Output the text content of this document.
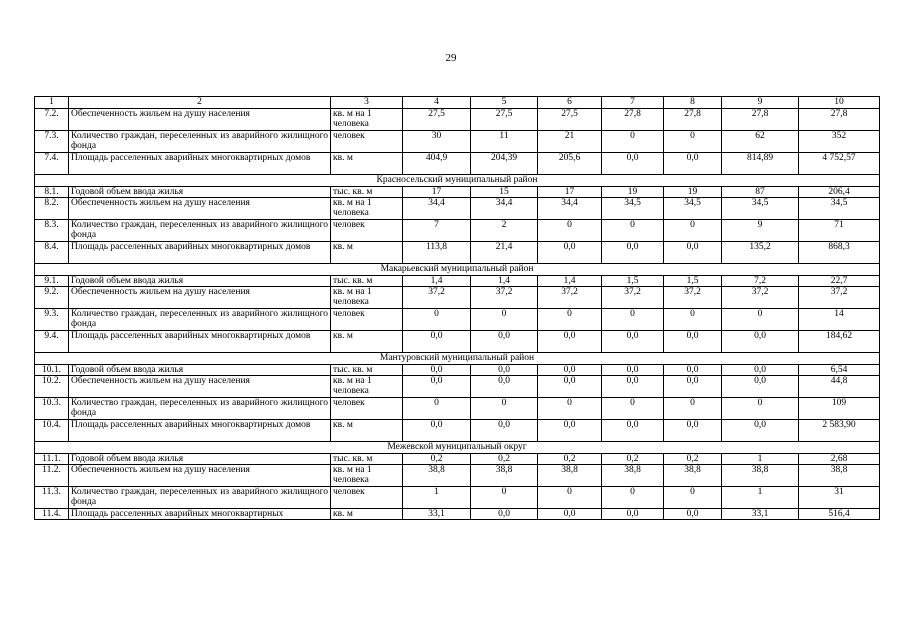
29
1	2	3	4	5	6	7	8	9	10
7.2.	Обеспеченность жильем на душу населения	кв. м на 1 человека	27,5	27,5	27,5	27,8	27,8	27,8	27,8
7.3.	Количество граждан, переселенных из аварийного жилищного фонда	человек	30	11	21	0	0	62	352
7.4.	Площадь расселенных аварийных многоквартирных домов	кв. м	404,9	204,39	205,6	0,0	0,0	814,89	4 752,57
Красносельский муниципальный район									
8.1.	Годовой объем ввода жилья	тыс. кв. м	17	15	17	19	19	87	206,4
8.2.	Обеспеченность жильем на душу населения	кв. м на 1 человека	34,4	34,4	34,4	34,5	34,5	34,5	34,5
8.3.	Количество граждан, переселенных из аварийного жилищного фонда	человек	7	2	0	0	0	9	71
8.4.	Площадь расселенных аварийных многоквартирных домов	кв. м	113,8	21,4	0,0	0,0	0,0	135,2	868,3
Макарьевский муниципальный район									
9.1.	Годовой объем ввода жилья	тыс. кв. м	1,4	1,4	1,4	1,5	1,5	7,2	22,7
9.2.	Обеспеченность жильем на душу населения	кв. м на 1 человека	37,2	37,2	37,2	37,2	37,2	37,2	37,2
9.3.	Количество граждан, переселенных из аварийного жилищного фонда	человек	0	0	0	0	0	0	14
9.4.	Площадь расселенных аварийных многоквартирных домов	кв. м	0,0	0,0	0,0	0,0	0,0	0,0	184,62
Мантуровский муниципальный район									
10.1.	Годовой объем ввода жилья	тыс. кв. м	0,0	0,0	0,0	0,0	0,0	0,0	6,54
10.2.	Обеспеченность жильем на душу населения	кв. м на 1 человека	0,0	0,0	0,0	0,0	0,0	0,0	44,8
10.3.	Количество граждан, переселенных из аварийного жилищного фонда	человек	0	0	0	0	0	0	109
10.4.	Площадь расселенных аварийных многоквартирных домов	кв. м	0,0	0,0	0,0	0,0	0,0	0,0	2 583,90
Межевской муниципальный округ									
11.1.	Годовой объем ввода жилья	тыс. кв. м	0,2	0,2	0,2	0,2	0,2	1	2,68
11.2.	Обеспеченность жильем на душу населения	кв. м на 1 человека	38,8	38,8	38,8	38,8	38,8	38,8	38,8
11.3.	Количество граждан, переселенных из аварийного жилищного фонда	человек	1	0	0	0	0	1	31
11.4.	Площадь расселенных аварийных многоквартирных	кв. м	33,1	0,0	0,0	0,0	0,0	33,1	516,4
